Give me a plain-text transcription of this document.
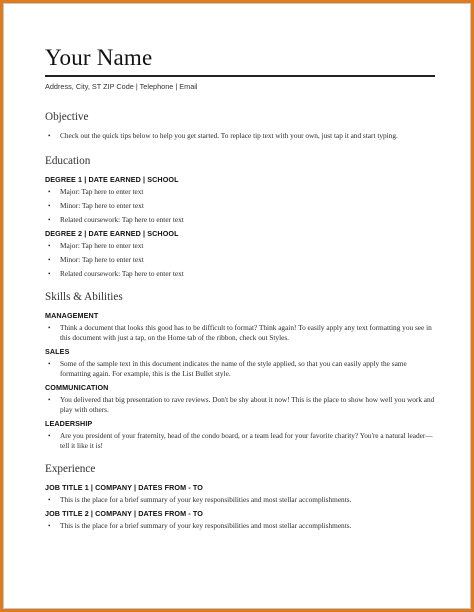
Your Name
Address, City, ST ZIP Code | Telephone | Email
Objective
• Check out the quick tips below to help you get started. To replace tip text with your own, just tap it and start typing.
Education
DEGREE 1 | DATE EARNED | SCHOOL
• Major: Tap here to enter text
• Minor: Tap here to enter text
• Related coursework: Tap here to enter text
DEGREE 2 | DATE EARNED | SCHOOL
• Major: Tap here to enter text
• Minor: Tap here to enter text
• Related coursework: Tap here to enter text
Skills & Abilities
MANAGEMENT
• Think a document that looks this good has to be difficult to format? Think again! To easily apply any text formatting you see in this document with just a tap, on the Home tab of the ribbon, check out Styles.
SALES
• Some of the sample text in this document indicates the name of the style applied, so that you can easily apply the same formatting again. For example, this is the List Bullet style.
COMMUNICATION
• You delivered that big presentation to rave reviews. Don't be shy about it now! This is the place to show how well you work and play with others.
LEADERSHIP
• Are you president of your fraternity, head of the condo board, or a team lead for your favorite charity? You're a natural leader—tell it like it is!
Experience
JOB TITLE 1 | COMPANY | DATES FROM - TO
• This is the place for a brief summary of your key responsibilities and most stellar accomplishments.
JOB TITLE 2 | COMPANY | DATES FROM - TO
• This is the place for a brief summary of your key responsibilities and most stellar accomplishments.
